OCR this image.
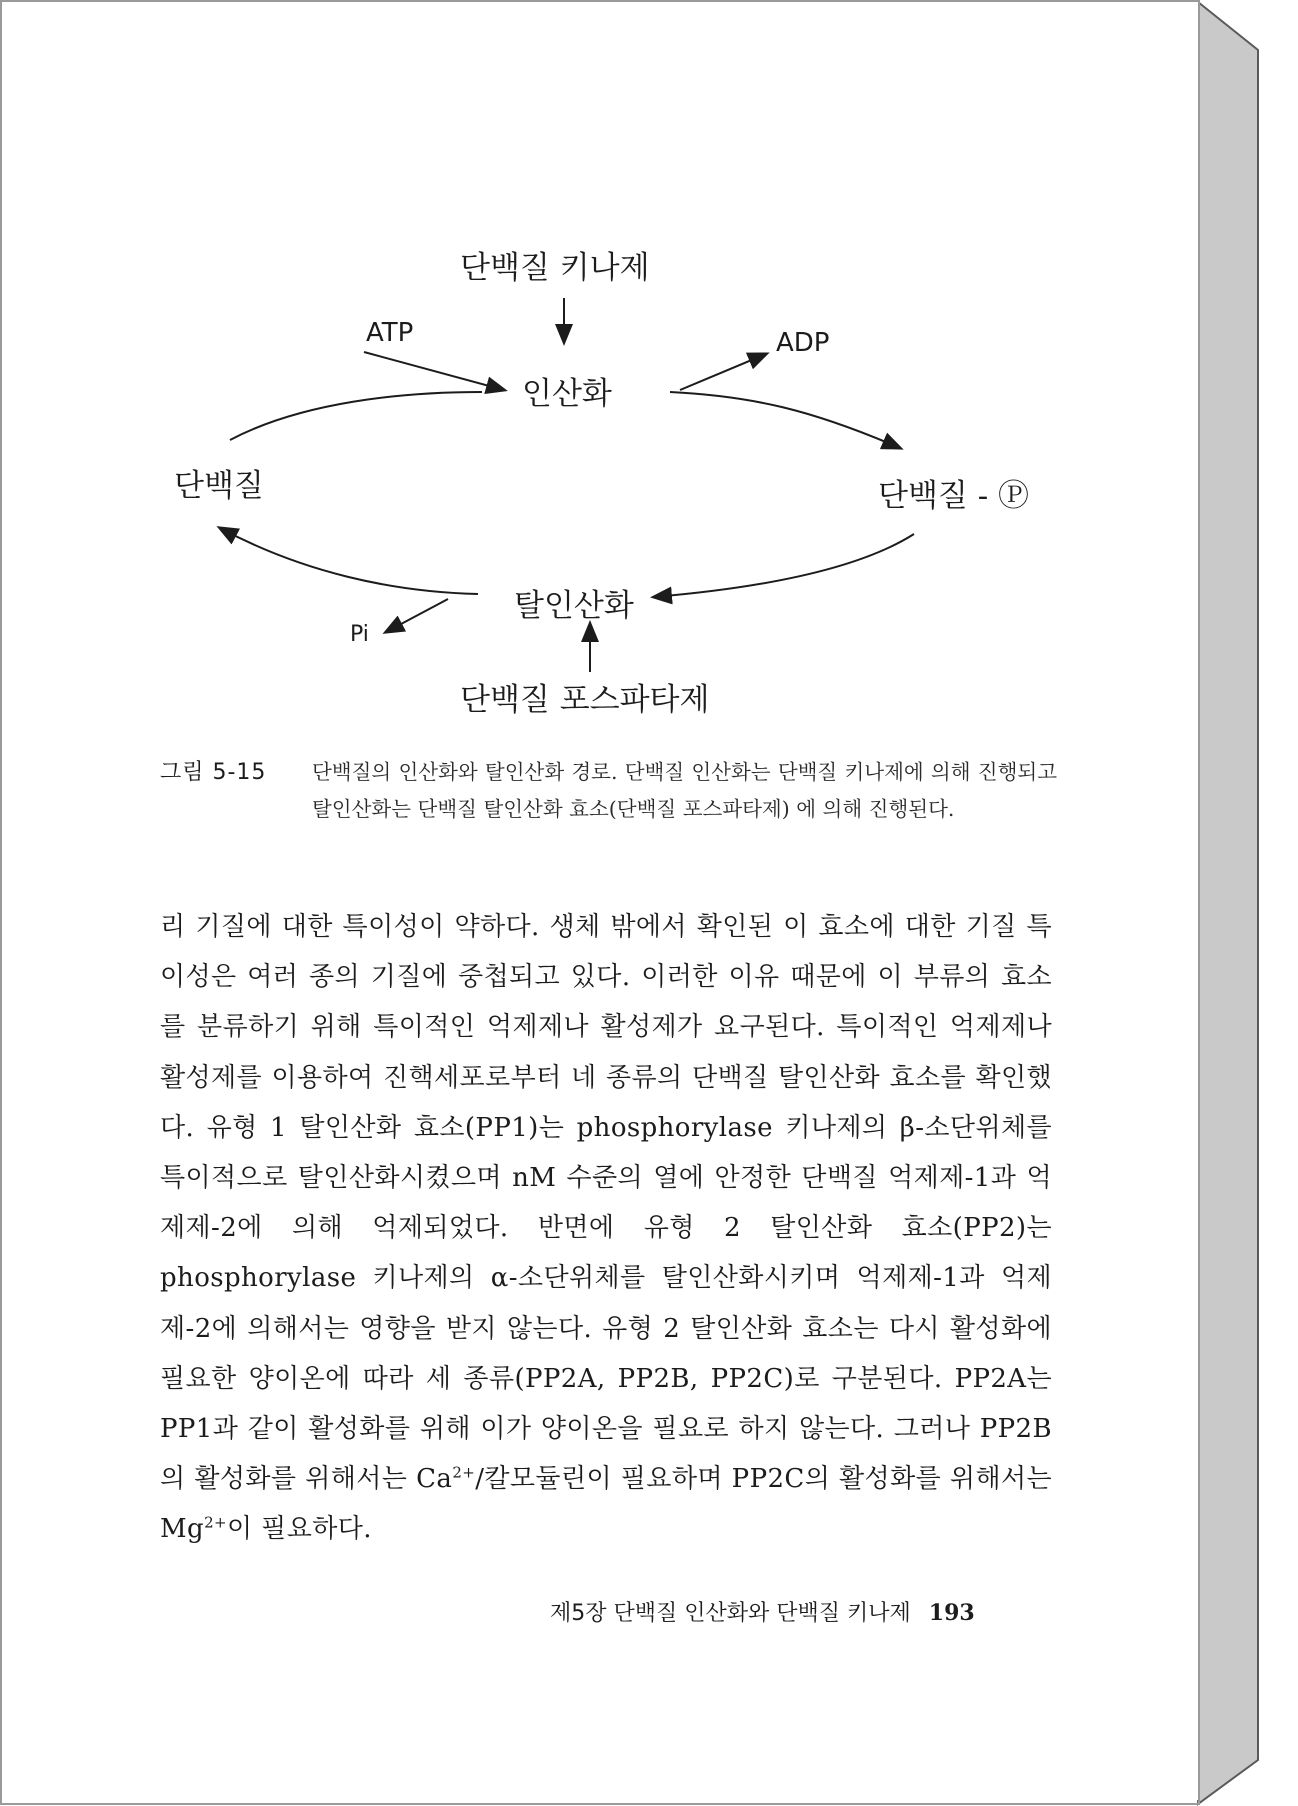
단백질 키나제
ATP	ADP
인산화
단백질	단백질 - Ⓟ
탈인산화
Pi
단백질 포스파타제
그림 5-15 단백질의 인산화와 탈인산화 경로. 단백질 인산화는 단백질 키나제에 의해 진행되고 탈인산화는 단백질 탈인산화 효소(단백질 포스파타제) 에 의해 진행된다.
리 기질에 대한 특이성이 약하다. 생체 밖에서 확인된 이 효소에 대한 기질 특이성은 여러 종의 기질에 중첩되고 있다. 이러한 이유 때문에 이 부류의 효소를 분류하기 위해 특이적인 억제제나 활성제가 요구된다. 특이적인 억제제나 활성제를 이용하여 진핵세포로부터 네 종류의 단백질 탈인산화 효소를 확인했다. 유형 1 탈인산화 효소(PP1)는 phosphorylase 키나제의 β-소단위체를 특이적으로 탈인산화시켰으며 nM 수준의 열에 안정한 단백질 억제제-1과 억제제-2에 의해 억제되었다. 반면에 유형 2 탈인산화 효소(PP2)는 phosphorylase 키나제의 α-소단위체를 탈인산화시키며 억제제-1과 억제제-2에 의해서는 영향을 받지 않는다. 유형 2 탈인산화 효소는 다시 활성화에 필요한 양이온에 따라 세 종류(PP2A, PP2B, PP2C)로 구분된다. PP2A는 PP1과 같이 활성화를 위해 이가 양이온을 필요로 하지 않는다. 그러나 PP2B의 활성화를 위해서는 $Ca^{2+}/$칼모듈린이 필요하며 PP2C의 활성화를 위해서는 $Mg^{2+}$이 필요하다.
제5장 단백질 인산화와 단백질 키나제 193
